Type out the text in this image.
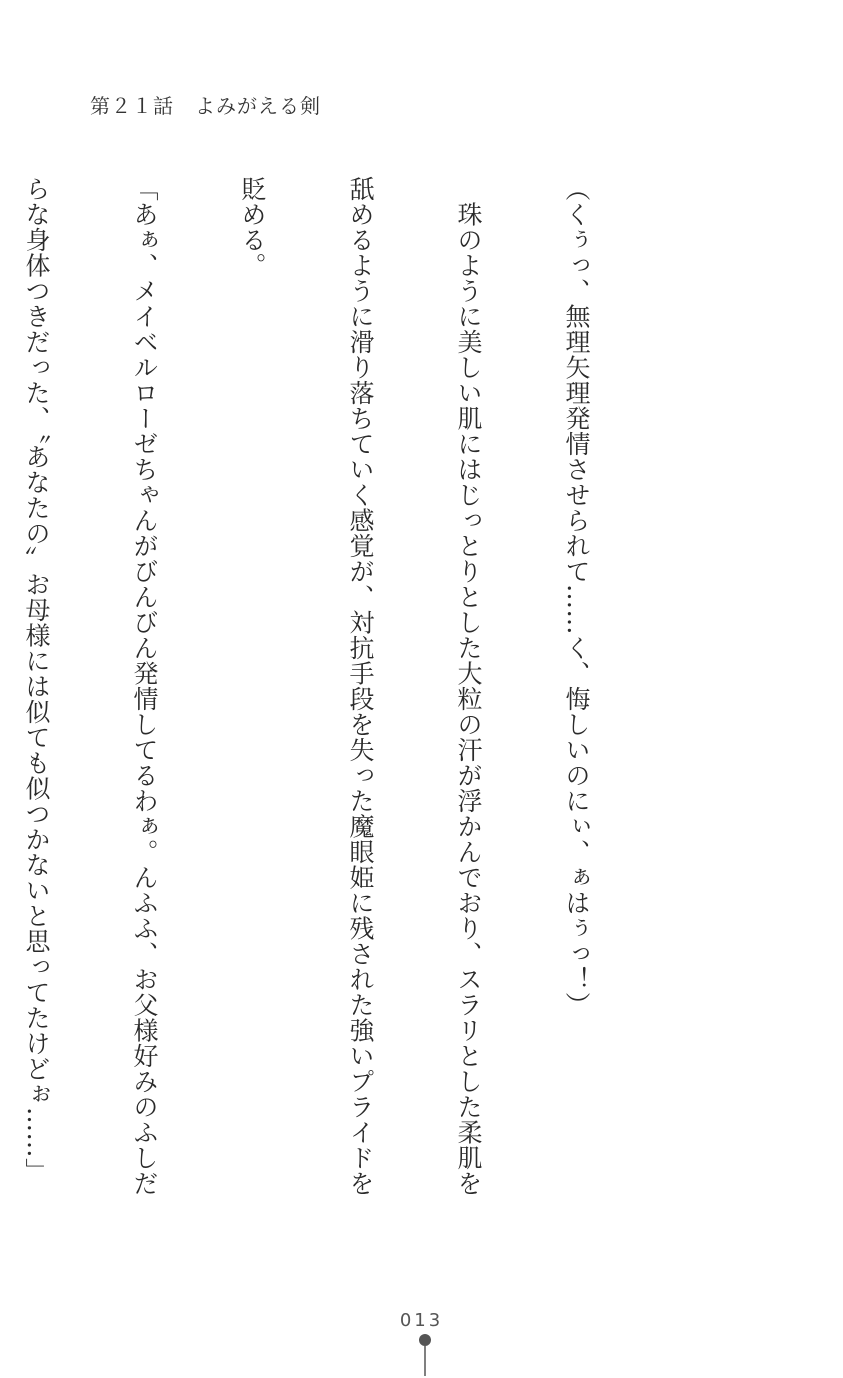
第２１話　よみがえる剣

（くぅっ、無理矢理発情させられて……く、悔しいのにぃ、ぁはぅっ！）

　珠のように美しい肌にはじっとりとした大粒の汗が浮かんでおり、スラリとした柔肌を

舐めるように滑り落ちていく感覚が、対抗手段を失った魔眼姫に残された強いプライドを

貶める。

「あぁ、メイベルローゼちゃんがびんびん発情してるわぁ。んふふ、お父様好みのふしだ

らな身体つきだった、〝あなたの〟お母様には似ても似つかないと思ってたけどぉ……」

013
